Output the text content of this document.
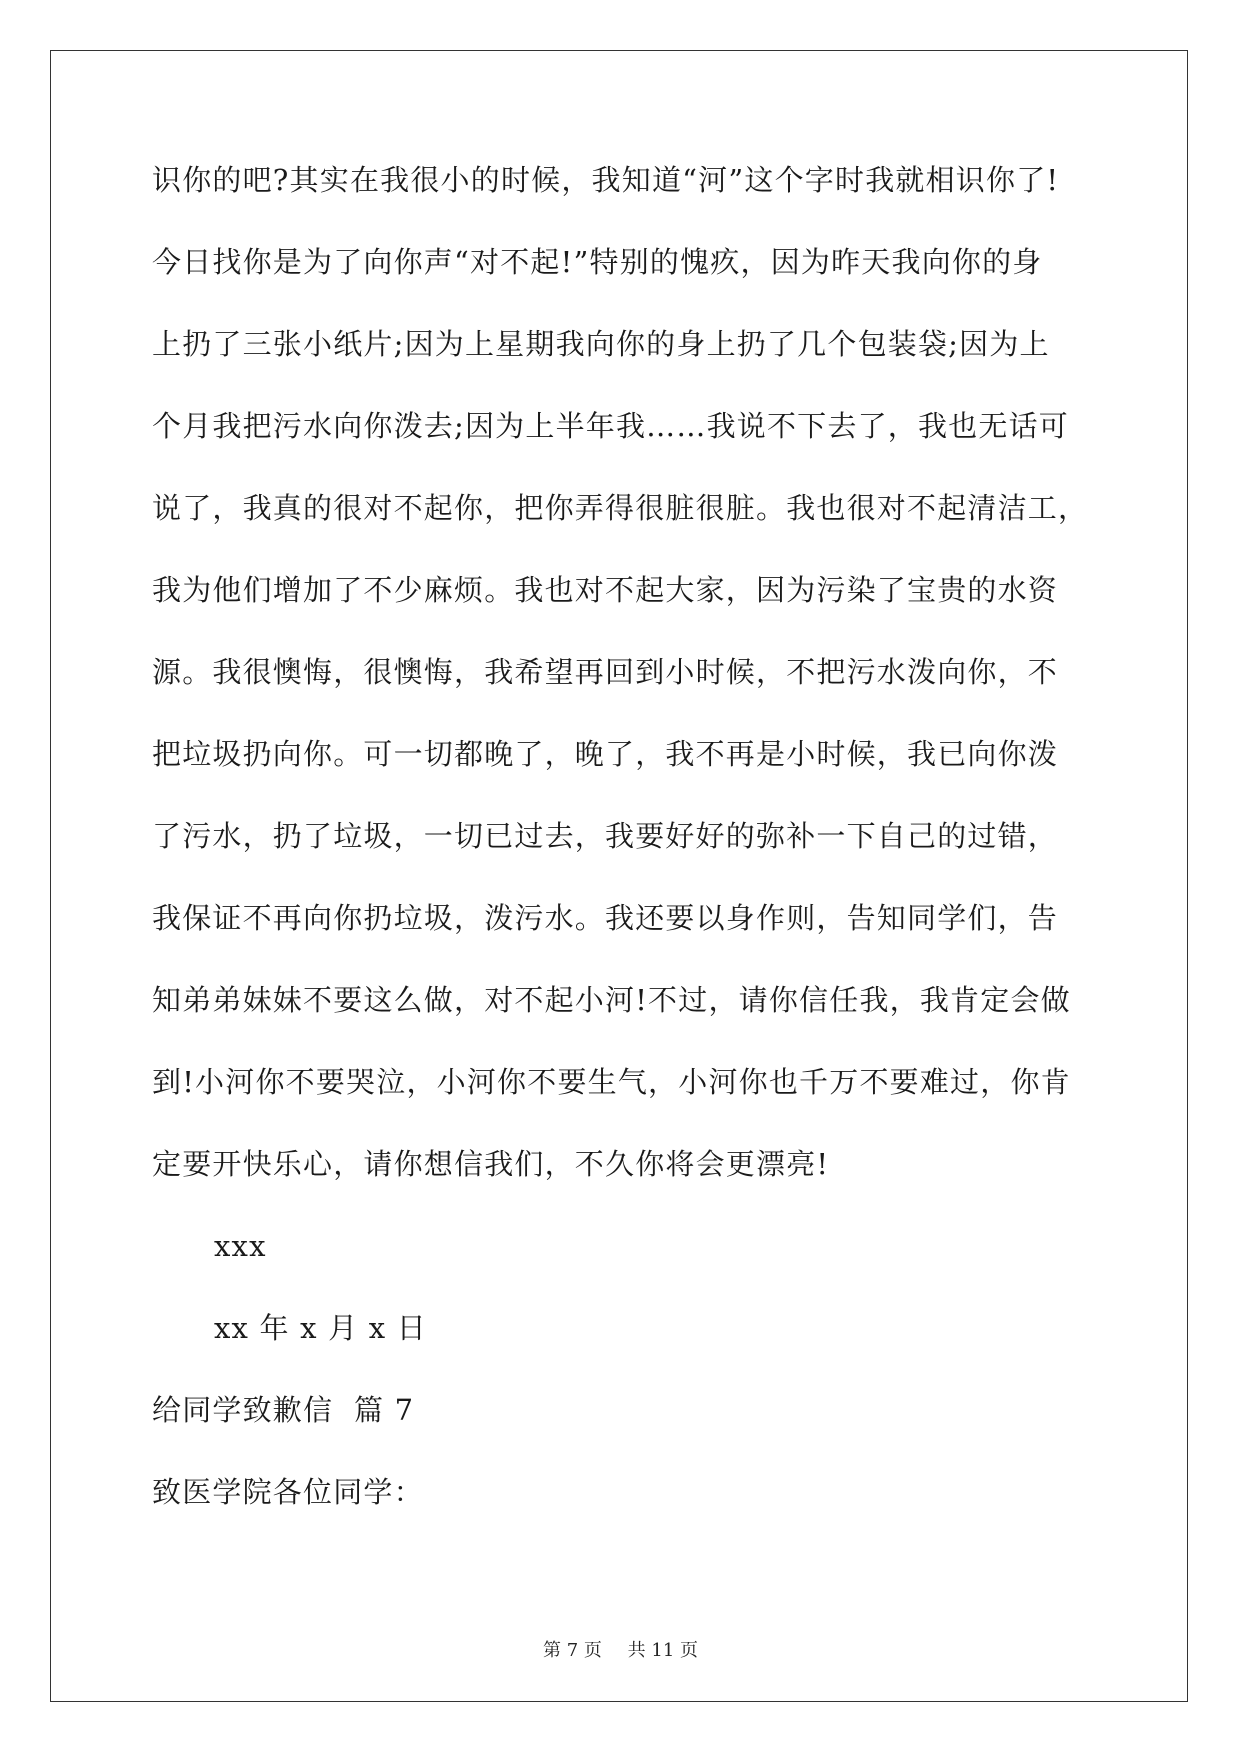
识你的吧?其实在我很小的时候，我知道“河”这个字时我就相识你了!
今日找你是为了向你声“对不起!”特别的愧疚，因为昨天我向你的身
上扔了三张小纸片;因为上星期我向你的身上扔了几个包装袋;因为上
个月我把污水向你泼去;因为上半年我……我说不下去了，我也无话可
说了，我真的很对不起你，把你弄得很脏很脏。我也很对不起清洁工，
我为他们增加了不少麻烦。我也对不起大家，因为污染了宝贵的水资
源。我很懊悔，很懊悔，我希望再回到小时候，不把污水泼向你，不
把垃圾扔向你。可一切都晚了，晚了，我不再是小时候，我已向你泼
了污水，扔了垃圾，一切已过去，我要好好的弥补一下自己的过错，
我保证不再向你扔垃圾，泼污水。我还要以身作则，告知同学们，告
知弟弟妹妹不要这么做，对不起小河!不过，请你信任我，我肯定会做
到!小河你不要哭泣，小河你不要生气，小河你也千万不要难过，你肯
定要开快乐心，请你想信我们，不久你将会更漂亮!
xxx
xx 年 x 月 x 日
给同学致歉信  篇 7
致医学院各位同学：
第 7 页 共 11 页
